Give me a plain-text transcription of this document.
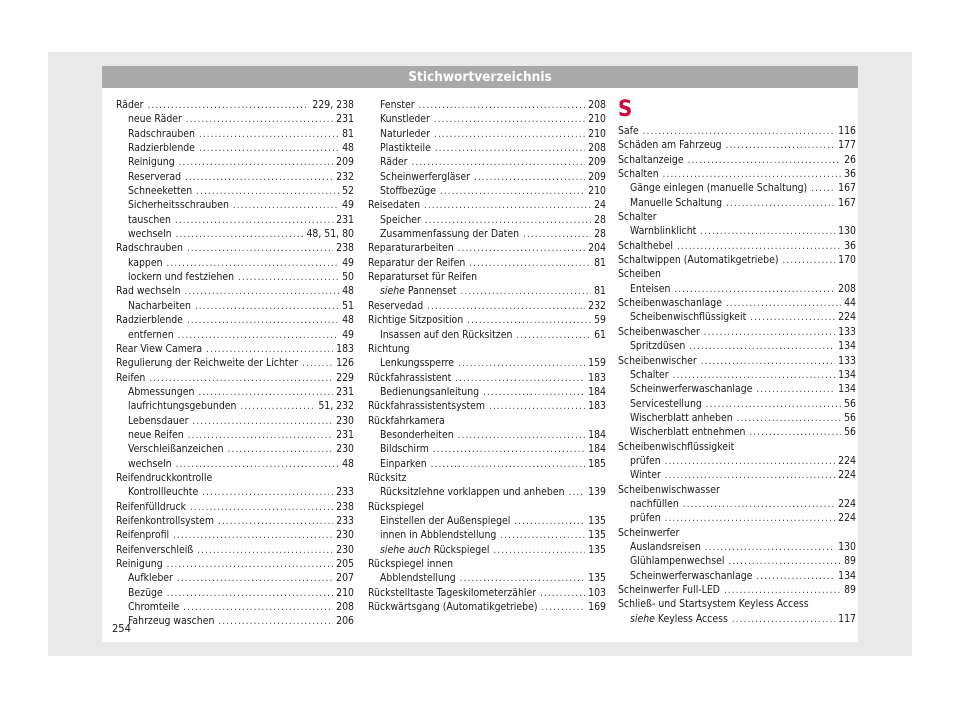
Stichwortverzeichnis
Räder .....	229, 238
neue Räder .....	231
Radschrauben .....	81
Radzierblende .....	48
Reinigung .....	209
Reserverad .....	232
Schneeketten .....	52
Sicherheitsschrauben .....	49
tauschen .....	231
wechseln .....	48, 51, 80
Radschrauben .....	238
kappen .....	49
lockern und festziehen .....	50
Rad wechseln .....	48
Nacharbeiten .....	51
Radzierblende .....	48
entfernen .....	49
Rear View Camera .....	183
Regulierung der Reichweite der Lichter .....	126
Reifen .....	229
Abmessungen .....	231
laufrichtungsgebunden .....	51, 232
Lebensdauer .....	230
neue Reifen .....	231
Verschleißanzeichen .....	230
wechseln .....	48
Reifendruckkontrolle
Kontrollleuchte .....	233
Reifenfülldruck .....	238
Reifenkontrollsystem .....	233
Reifenprofil .....	230
Reifenverschleiß .....	230
Reinigung .....	205
Aufkleber .....	207
Bezüge .....	210
Chromteile .....	208
Fahrzeug waschen .....	206
Fenster .....	208
Kunstleder .....	210
Naturleder .....	210
Plastikteile .....	208
Räder .....	209
Scheinwerfergläser .....	209
Stoffbezüge .....	210
Reisedaten .....	24
Speicher .....	28
Zusammenfassung der Daten .....	28
Reparaturarbeiten .....	204
Reparatur der Reifen .....	81
Reparaturset für Reifen
siehe Pannenset .....	81
Reservedad .....	232
Richtige Sitzposition .....	59
Insassen auf den Rücksitzen .....	61
Richtung
Lenkungssperre .....	159
Rückfahrassistent .....	183
Bedienungsanleitung .....	184
Rückfahrassistentsystem .....	183
Rückfahrkamera
Besonderheiten .....	184
Bildschirm .....	184
Einparken .....	185
Rücksitz
Rücksitzlehne vorklappen und anheben ..... 139
Rückspiegel
Einstellen der Außenspiegel .....	135
innen in Abblendstellung .....	135
siehe auch Rückspiegel .....	135
Rückspiegel innen
Abblendstellung .....	135
Rückstelltaste Tageskilometerzähler .....	103
Rückwärtsgang (Automatikgetriebe) .....	169
S
Safe .....	116
Schäden am Fahrzeug .....	177
Schaltanzeige .....	26
Schalten .....	36
Gänge einlegen (manuelle Schaltung) .....	167
Manuelle Schaltung .....	167
Schalter
Warnblinklicht .....	130
Schalthebel .....	36
Schaltwippen (Automatikgetriebe) .....	170
Scheiben
Enteisen .....	208
Scheibenwaschanlage .....	44
Scheibenwischflüssigkeit .....	224
Scheibenwascher .....	133
Spritzdüsen .....	134
Scheibenwischer .....	133
Schalter .....	134
Scheinwerferwaschanlage .....	134
Servicestellung .....	56
Wischerblatt anheben .....	56
Wischerblatt entnehmen .....	56
Scheibenwischflüssigkeit
prüfen .....	224
Winter .....	224
Scheibenwischwasser
nachfüllen .....	224
prüfen .....	224
Scheinwerfer
Auslandsreisen .....	130
Glühlampenwechsel .....	89
Scheinwerferwaschanlage .....	134
Scheinwerfer Full-LED .....	89
Schließ- und Startsystem Keyless Access
siehe Keyless Access .....	117
254
